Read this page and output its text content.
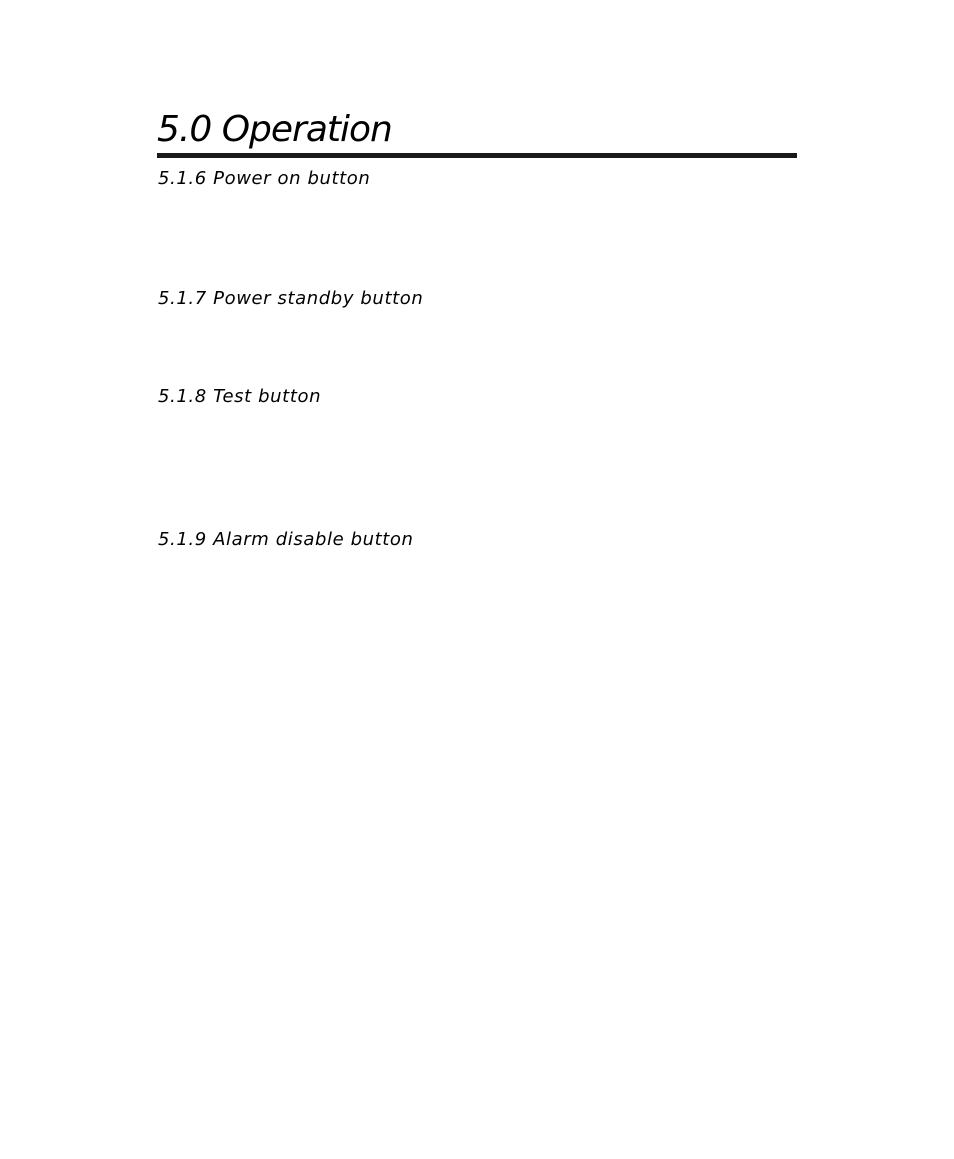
5.0 Operation
5.1.6 Power on button
5.1.7 Power standby button
5.1.8 Test button
5.1.9 Alarm disable button
